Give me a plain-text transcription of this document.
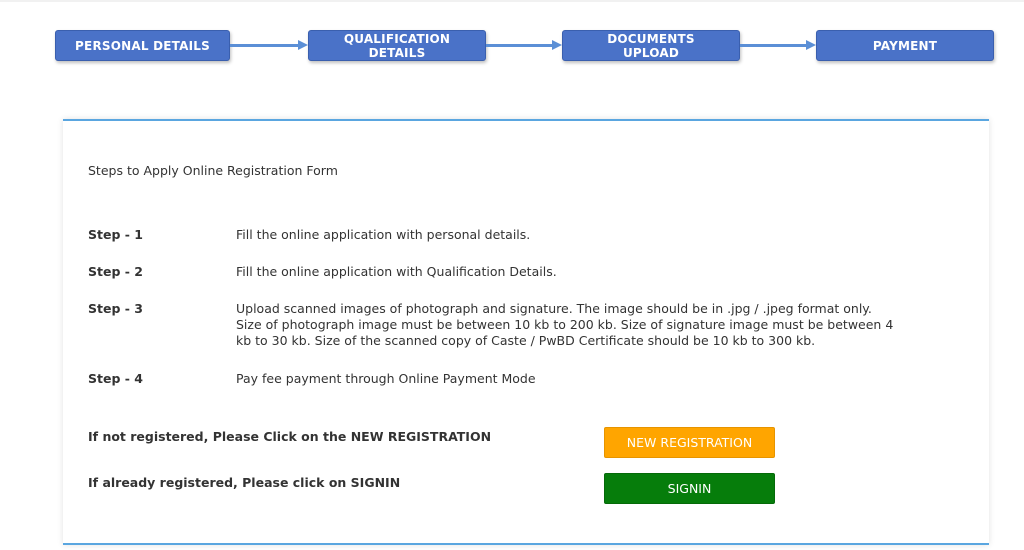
PERSONAL DETAILS	QUALIFICATION
DETAILS
DOCUMENTS
UPLOAD	PAYMENT
Steps to Apply Online Registration Form
Step - 1	Fill the online application with personal details.
Step - 2	Fill the online application with Qualification Details.
Step - 3	Upload scanned images of photograph and signature. The image should be in .jpg / .jpeg format only. Size of photograph image must be between 10 kb to 200 kb. Size of signature image must be between 4 kb to 30 kb. Size of the scanned copy of Caste / PwBD Certificate should be 10 kb to 300 kb.
Step - 4	Pay fee payment through Online Payment Mode
If not registered, Please Click on the NEW REGISTRATION	NEW REGISTRATION
If already registered, Please click on SIGNIN	SIGNIN
